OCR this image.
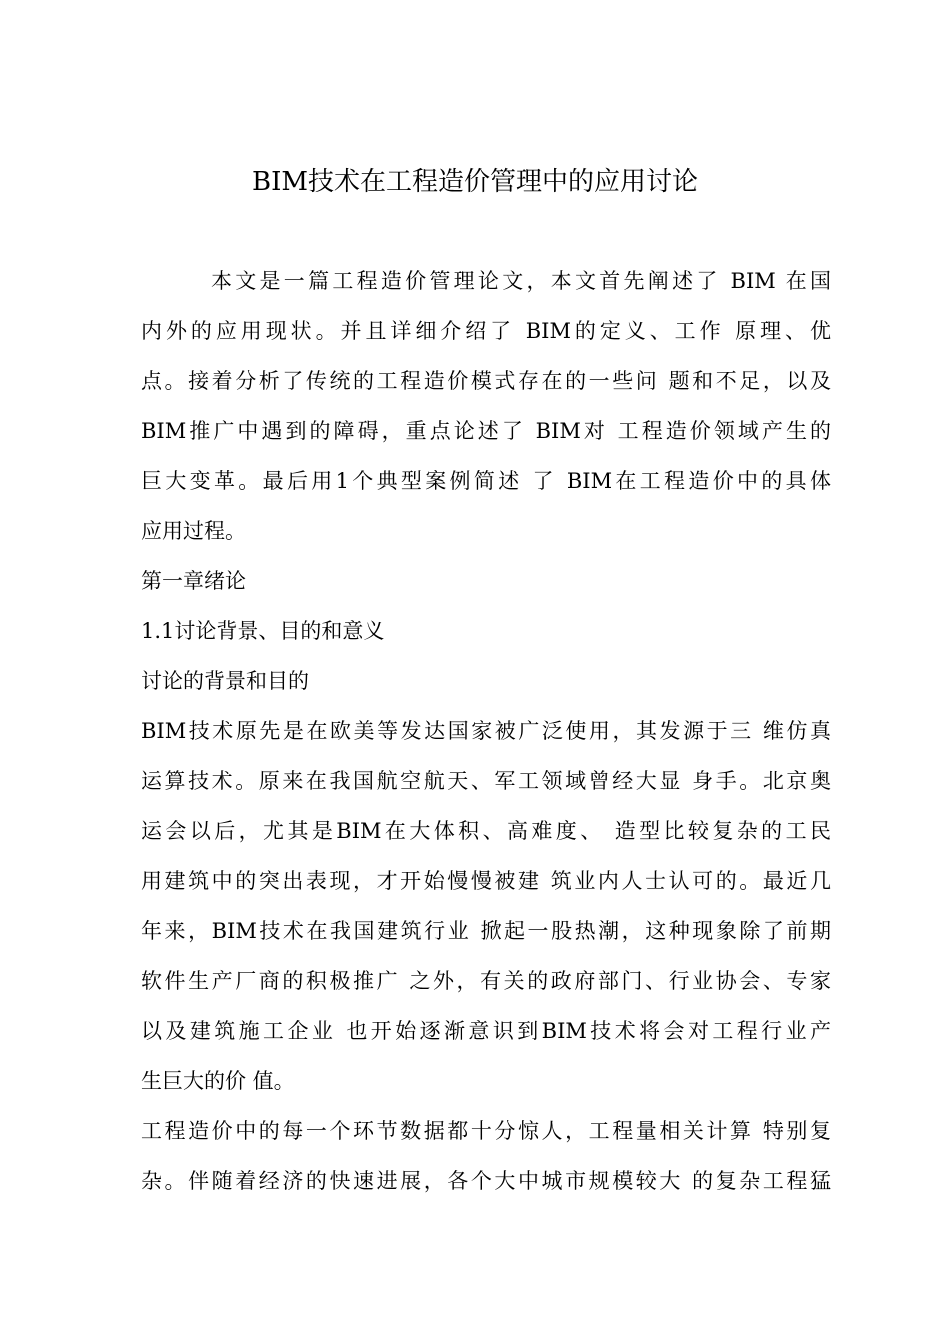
BIM技术在工程造价管理中的应用讨论
本文是一篇工程造价管理论文，本文首先阐述了 BIM 在国
内外的应用现状。并且详细介绍了 BIM的定义、工作 原理、优
点。接着分析了传统的工程造价模式存在的一些问 题和不足，以及
BIM推广中遇到的障碍，重点论述了 BIM对 工程造价领域产生的
巨大变革。最后用1个典型案例简述 了 BIM在工程造价中的具体
应用过程。
第一章绪论
1.1讨论背景、目的和意义
讨论的背景和目的
BIM技术原先是在欧美等发达国家被广泛使用，其发源于三 维仿真
运算技术。原来在我国航空航天、军工领域曾经大显 身手。北京奥
运会以后，尤其是BIM在大体积、高难度、 造型比较复杂的工民
用建筑中的突出表现，才开始慢慢被建 筑业内人士认可的。最近几
年来，BIM技术在我国建筑行业 掀起一股热潮，这种现象除了前期
软件生产厂商的积极推广 之外，有关的政府部门、行业协会、专家
以及建筑施工企业 也开始逐渐意识到BIM技术将会对工程行业产
生巨大的价 值。
工程造价中的每一个环节数据都十分惊人，工程量相关计算 特别复
杂。伴随着经济的快速进展，各个大中城市规模较大 的复杂工程猛
